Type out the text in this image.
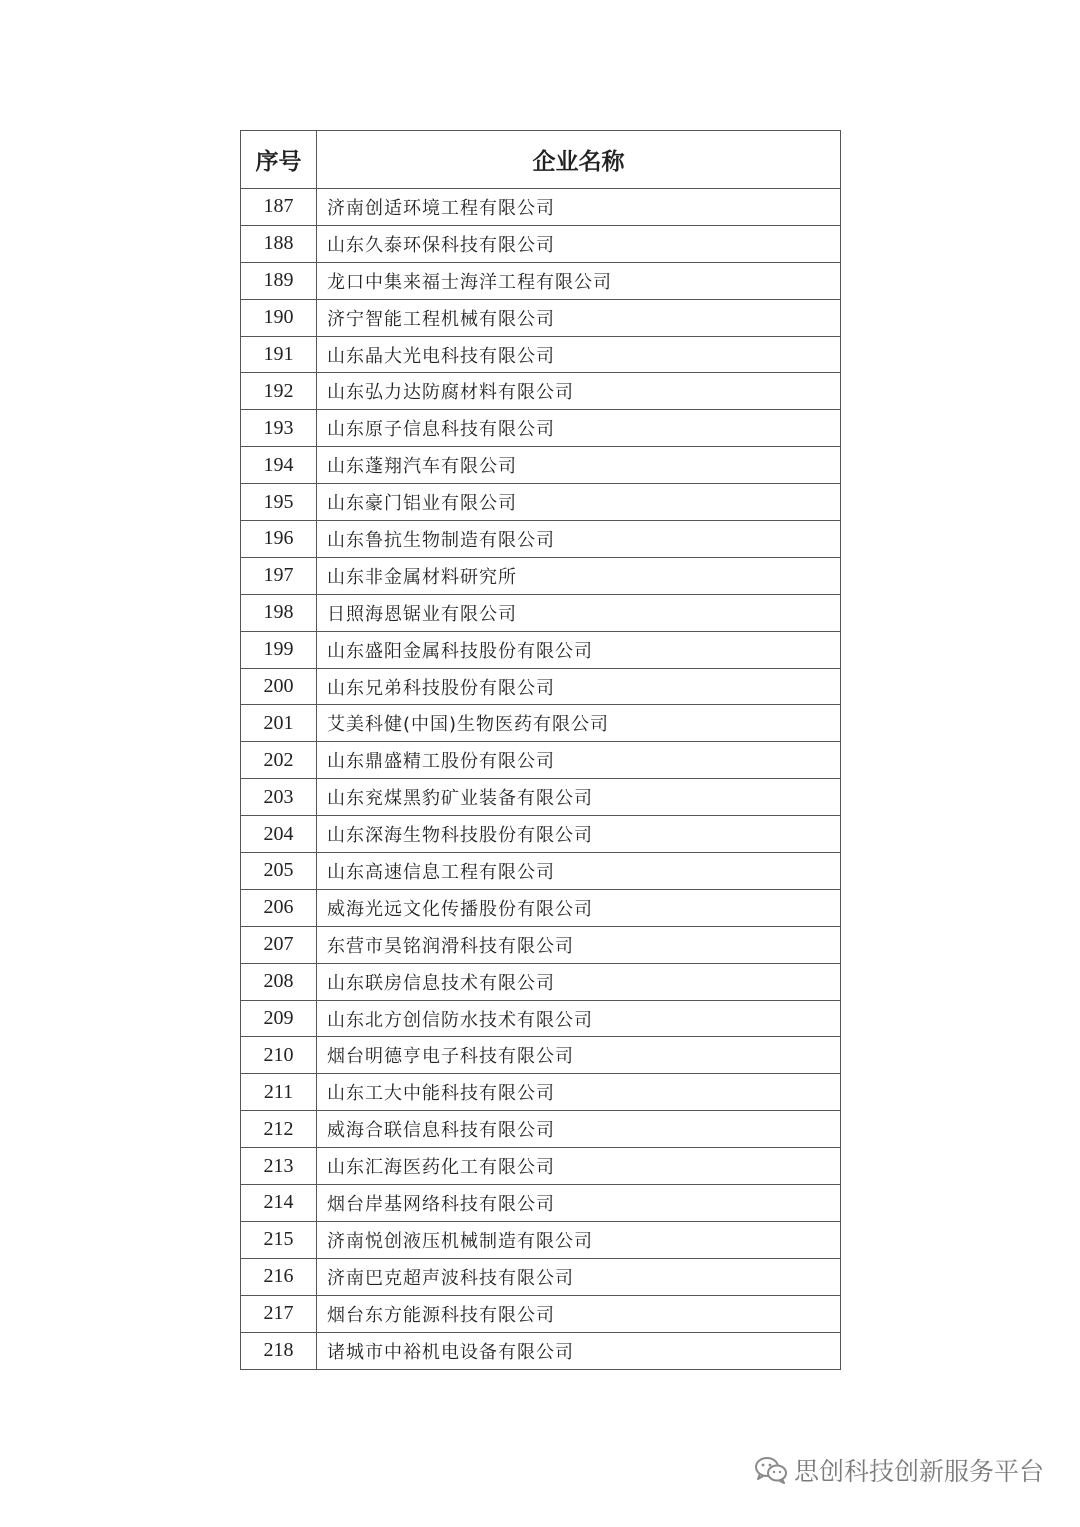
序号	企业名称
187	济南创适环境工程有限公司
188	山东久泰环保科技有限公司
189	龙口中集来福士海洋工程有限公司
190	济宁智能工程机械有限公司
191	山东晶大光电科技有限公司
192	山东弘力达防腐材料有限公司
193	山东原子信息科技有限公司
194	山东蓬翔汽车有限公司
195	山东豪门铝业有限公司
196	山东鲁抗生物制造有限公司
197	山东非金属材料研究所
198	日照海恩锯业有限公司
199	山东盛阳金属科技股份有限公司
200	山东兄弟科技股份有限公司
201	艾美科健(中国)生物医药有限公司
202	山东鼎盛精工股份有限公司
203	山东兖煤黑豹矿业装备有限公司
204	山东深海生物科技股份有限公司
205	山东高速信息工程有限公司
206	威海光远文化传播股份有限公司
207	东营市昊铭润滑科技有限公司
208	山东联房信息技术有限公司
209	山东北方创信防水技术有限公司
210	烟台明德亨电子科技有限公司
211	山东工大中能科技有限公司
212	威海合联信息科技有限公司
213	山东汇海医药化工有限公司
214	烟台岸基网络科技有限公司
215	济南悦创液压机械制造有限公司
216	济南巴克超声波科技有限公司
217	烟台东方能源科技有限公司
218	诸城市中裕机电设备有限公司
思创科技创新服务平台
